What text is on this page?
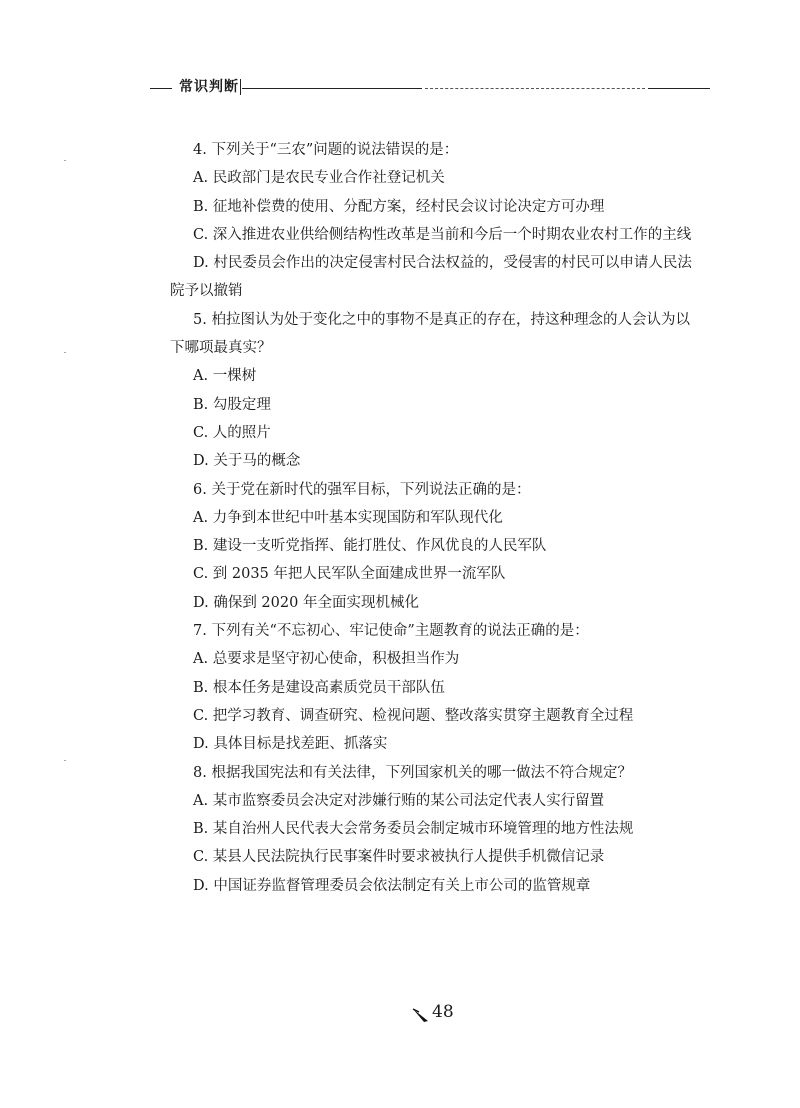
常识判断
4. 下列关于“三农”问题的说法错误的是：
A. 民政部门是农民专业合作社登记机关
B. 征地补偿费的使用、分配方案，经村民会议讨论决定方可办理
C. 深入推进农业供给侧结构性改革是当前和今后一个时期农业农村工作的主线
D. 村民委员会作出的决定侵害村民合法权益的，受侵害的村民可以申请人民法
院予以撤销
5. 柏拉图认为处于变化之中的事物不是真正的存在，持这种理念的人会认为以
下哪项最真实？
A. 一棵树
B. 勾股定理
C. 人的照片
D. 关于马的概念
6. 关于党在新时代的强军目标，下列说法正确的是：
A. 力争到本世纪中叶基本实现国防和军队现代化
B. 建设一支听党指挥、能打胜仗、作风优良的人民军队
C. 到 2035 年把人民军队全面建成世界一流军队
D. 确保到 2020 年全面实现机械化
7. 下列有关“不忘初心、牢记使命”主题教育的说法正确的是：
A. 总要求是坚守初心使命，积极担当作为
B. 根本任务是建设高素质党员干部队伍
C. 把学习教育、调查研究、检视问题、整改落实贯穿主题教育全过程
D. 具体目标是找差距、抓落实
8. 根据我国宪法和有关法律，下列国家机关的哪一做法不符合规定？
A. 某市监察委员会决定对涉嫌行贿的某公司法定代表人实行留置
B. 某自治州人民代表大会常务委员会制定城市环境管理的地方性法规
C. 某县人民法院执行民事案件时要求被执行人提供手机微信记录
D. 中国证券监督管理委员会依法制定有关上市公司的监管规章
48
